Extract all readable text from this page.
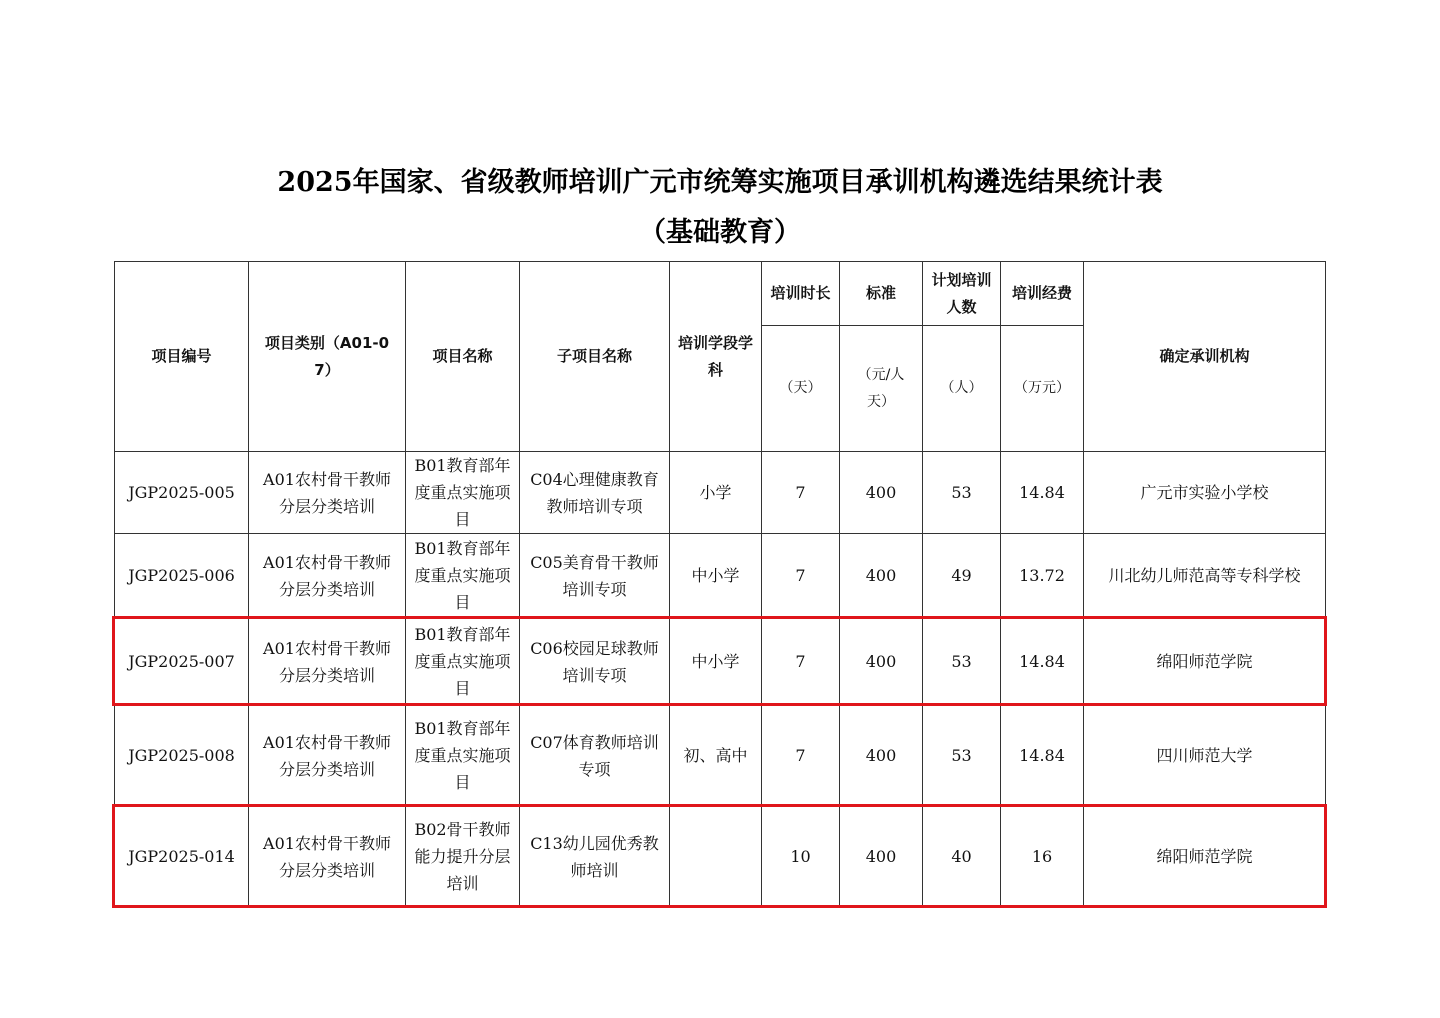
2025年国家、省级教师培训广元市统筹实施项目承训机构遴选结果统计表
（基础教育）
项目编号	项目类别（A01-07）	项目名称	子项目名称	培训学段学科	培训时长	标准	计划培训人数	培训经费	确定承训机构
					（天）	（元/人天）	（人）	（万元）	
JGP2025-005	A01农村骨干教师分层分类培训	B01教育部年度重点实施项目	C04心理健康教育教师培训专项	小学	7	400	53	14.84	广元市实验小学校
JGP2025-006	A01农村骨干教师分层分类培训	B01教育部年度重点实施项目	C05美育骨干教师培训专项	中小学	7	400	49	13.72	川北幼儿师范高等专科学校
JGP2025-007	A01农村骨干教师分层分类培训	B01教育部年度重点实施项目	C06校园足球教师培训专项	中小学	7	400	53	14.84	绵阳师范学院
JGP2025-008	A01农村骨干教师分层分类培训	B01教育部年度重点实施项目	C07体育教师培训专项	初、高中	7	400	53	14.84	四川师范大学
JGP2025-014	A01农村骨干教师分层分类培训	B02骨干教师能力提升分层培训	C13幼儿园优秀教师培训		10	400	40	16	绵阳师范学院
